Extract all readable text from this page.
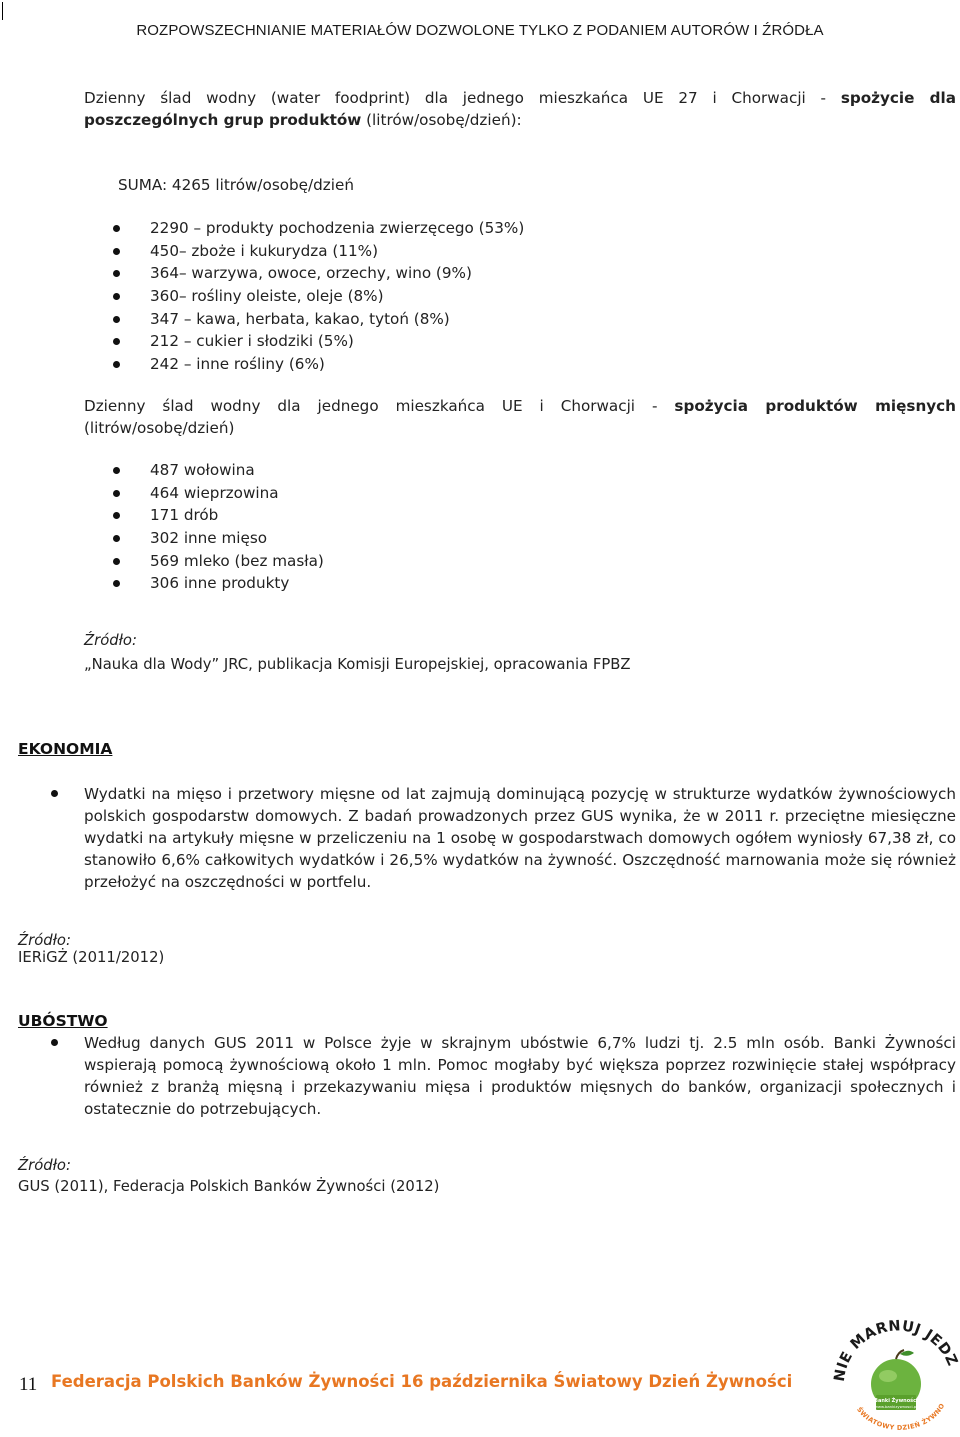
ROZPOWSZECHNIANIE MATERIAŁÓW DOZWOLONE TYLKO Z PODANIEM AUTORÓW I ŹRÓDŁA
Dzienny ślad wodny (water foodprint) dla jednego mieszkańca UE 27 i Chorwacji - spożycie dla poszczególnych grup produktów (litrów/osobę/dzień):
SUMA: 4265 litrów/osobę/dzień
2290 – produkty pochodzenia zwierzęcego (53%)
450– zboże i kukurydza (11%)
364– warzywa, owoce, orzechy, wino (9%)
360– rośliny oleiste, oleje (8%)
347 – kawa, herbata, kakao, tytoń (8%)
212 – cukier i słodziki (5%)
242 – inne rośliny (6%)
Dzienny ślad wodny dla jednego mieszkańca UE i Chorwacji - spożycia produktów mięsnych (litrów/osobę/dzień)
487 wołowina
464 wieprzowina
171 drób
302 inne mięso
569 mleko (bez masła)
306 inne produkty
Źródło:
„Nauka dla Wody” JRC, publikacja Komisji Europejskiej, opracowania FPBZ
EKONOMIA
Wydatki na mięso i przetwory mięsne od lat zajmują dominującą pozycję w strukturze wydatków żywnościowych polskich gospodarstw domowych. Z badań prowadzonych przez GUS wynika, że w 2011 r. przeciętne miesięczne wydatki na artykuły mięsne w przeliczeniu na 1 osobę w gospodarstwach domowych ogółem wyniosły 67,38 zł, co stanowiło 6,6% całkowitych wydatków i 26,5% wydatków na żywność. Oszczędność marnowania może się również przełożyć na oszczędności w portfelu.
Źródło:
IERiGŻ (2011/2012)
UBÓSTWO
Według danych GUS 2011 w Polsce żyje w skrajnym ubóstwie 6,7% ludzi tj. 2.5 mln osób. Banki Żywności wspierają pomocą żywnościową około 1 mln. Pomoc mogłaby być większa poprzez rozwinięcie stałej współpracy również z branżą mięsną i przekazywaniu mięsa i produktów mięsnych do banków, organizacji społecznych i ostatecznie do potrzebujących.
Źródło:
GUS (2011), Federacja Polskich Banków Żywności (2012)
11 Federacja Polskich Banków Żywności 16 października Światowy Dzień Żywności	NIE MARNUJ JEDZ
Banki Żywności
www.bankizywnosci.pl
ŚWIATOWY DZIEŃ ŻYWNO
